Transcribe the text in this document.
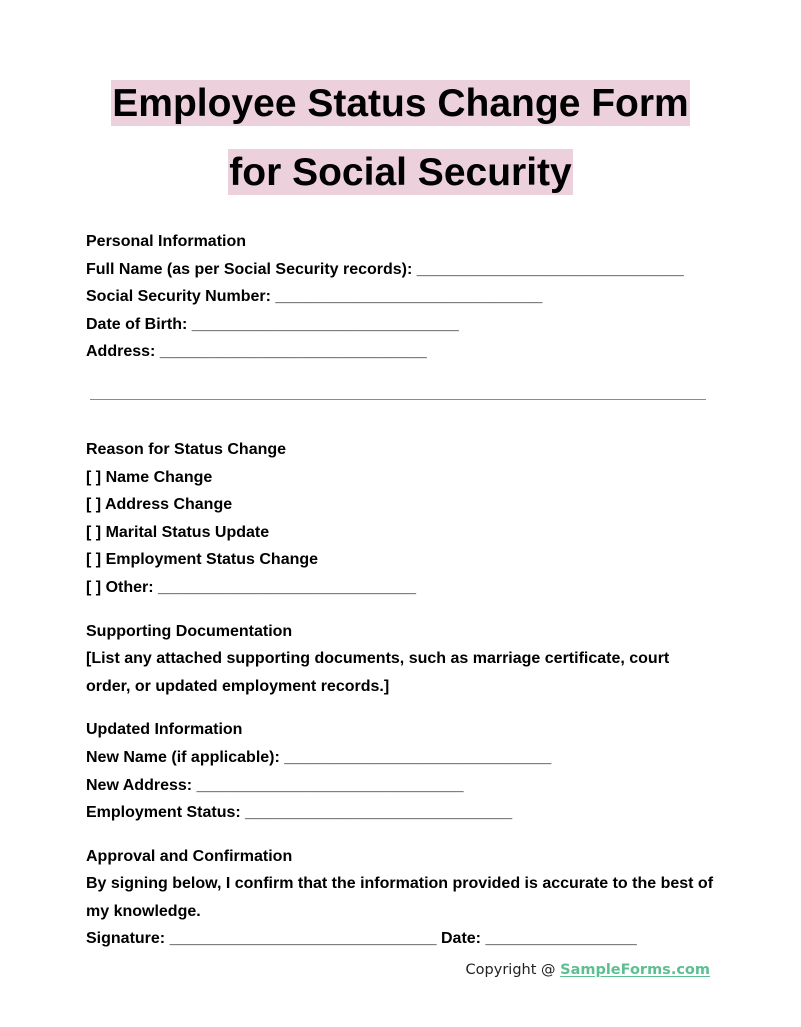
Employee Status Change Form
for Social Security
Personal Information
Full Name (as per Social Security records): ______________________________
Social Security Number: ______________________________
Date of Birth: ______________________________
Address: ______________________________
Reason for Status Change
[ ] Name Change
[ ] Address Change
[ ] Marital Status Update
[ ] Employment Status Change
[ ] Other: _____________________________
Supporting Documentation
[List any attached supporting documents, such as marriage certificate, court order, or updated employment records.]
Updated Information
New Name (if applicable): ______________________________
New Address: ______________________________
Employment Status: ______________________________
Approval and Confirmation
By signing below, I confirm that the information provided is accurate to the best of my knowledge.
Signature: ______________________________ Date: _________________
Copyright @ SampleForms.com
